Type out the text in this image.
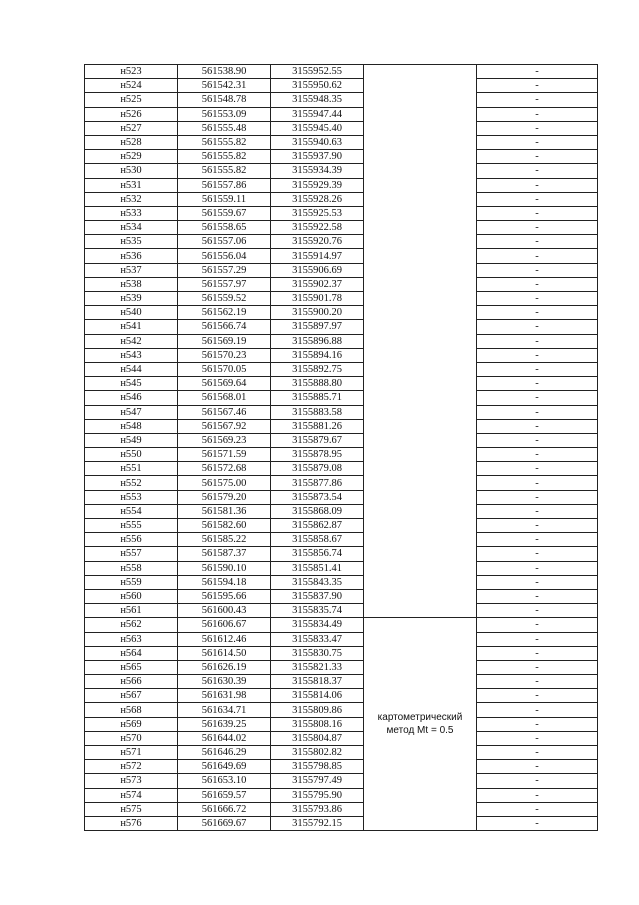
н523	561538.90	3155952.55		-
н524	561542.31	3155950.62		-
н525	561548.78	3155948.35		-
н526	561553.09	3155947.44		-
н527	561555.48	3155945.40		-
н528	561555.82	3155940.63		-
н529	561555.82	3155937.90		-
н530	561555.82	3155934.39		-
н531	561557.86	3155929.39		-
н532	561559.11	3155928.26		-
н533	561559.67	3155925.53		-
н534	561558.65	3155922.58		-
н535	561557.06	3155920.76		-
н536	561556.04	3155914.97		-
н537	561557.29	3155906.69		-
н538	561557.97	3155902.37		-
н539	561559.52	3155901.78		-
н540	561562.19	3155900.20		-
н541	561566.74	3155897.97		-
н542	561569.19	3155896.88		-
н543	561570.23	3155894.16		-
н544	561570.05	3155892.75		-
н545	561569.64	3155888.80		-
н546	561568.01	3155885.71		-
н547	561567.46	3155883.58		-
н548	561567.92	3155881.26		-
н549	561569.23	3155879.67		-
н550	561571.59	3155878.95		-
н551	561572.68	3155879.08		-
н552	561575.00	3155877.86		-
н553	561579.20	3155873.54		-
н554	561581.36	3155868.09		-
н555	561582.60	3155862.87		-
н556	561585.22	3155858.67		-
н557	561587.37	3155856.74		-
н558	561590.10	3155851.41		-
н559	561594.18	3155843.35		-
н560	561595.66	3155837.90		-
н561	561600.43	3155835.74		-
н562	561606.67	3155834.49	картометрический
метод Mt = 0.5	-
н563	561612.46	3155833.47		-
н564	561614.50	3155830.75		-
н565	561626.19	3155821.33		-
н566	561630.39	3155818.37		-
н567	561631.98	3155814.06		-
н568	561634.71	3155809.86		-
н569	561639.25	3155808.16		-
н570	561644.02	3155804.87		-
н571	561646.29	3155802.82		-
н572	561649.69	3155798.85		-
н573	561653.10	3155797.49		-
н574	561659.57	3155795.90		-
н575	561666.72	3155793.86		-
н576	561669.67	3155792.15		-
